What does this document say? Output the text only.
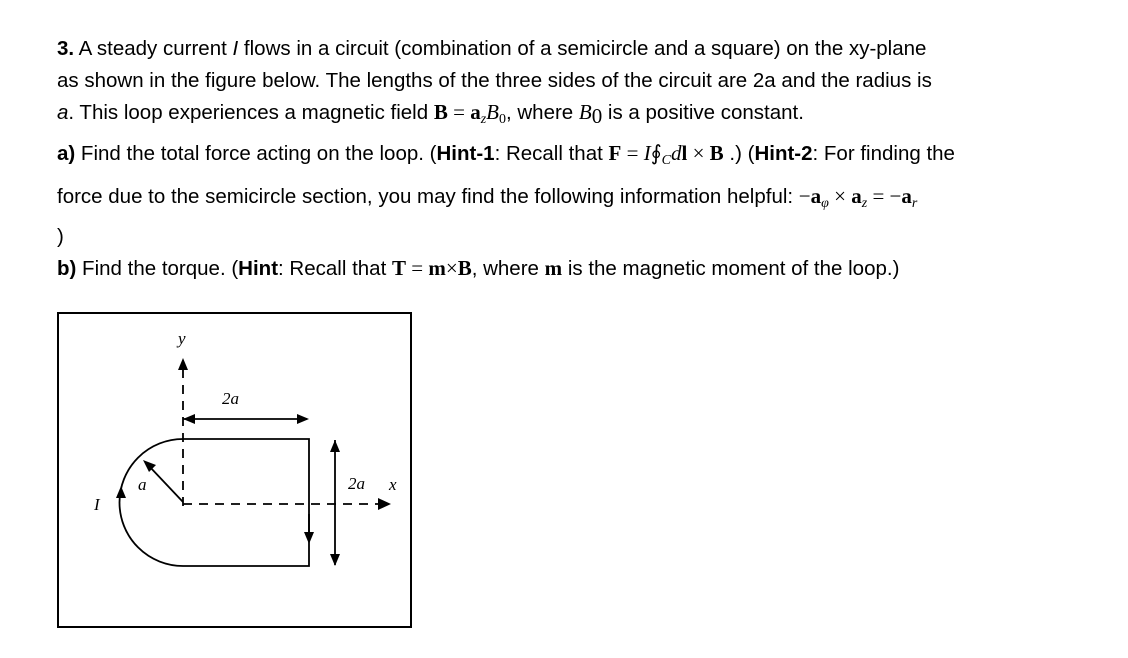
3. A steady current I flows in a circuit (combination of a semicircle and a square) on the xy-plane
as shown in the figure below. The lengths of the three sides of the circuit are 2a and the radius is
a. This loop experiences a magnetic field $B = a_zB_0$, where $B_0$ is a positive constant.
a) Find the total force acting on the loop. (Hint-1: Recall that $F = I∮_Cdl \times B$ .) (Hint-2: For finding the
force due to the semicircle section, you may find the following information helpful: $-a_\varphi \times a_z = -a_r$
)
b) Find the torque. (Hint: Recall that T = m×B, where m is the magnetic moment of the loop.)
y
x
2a
2a
a
I
